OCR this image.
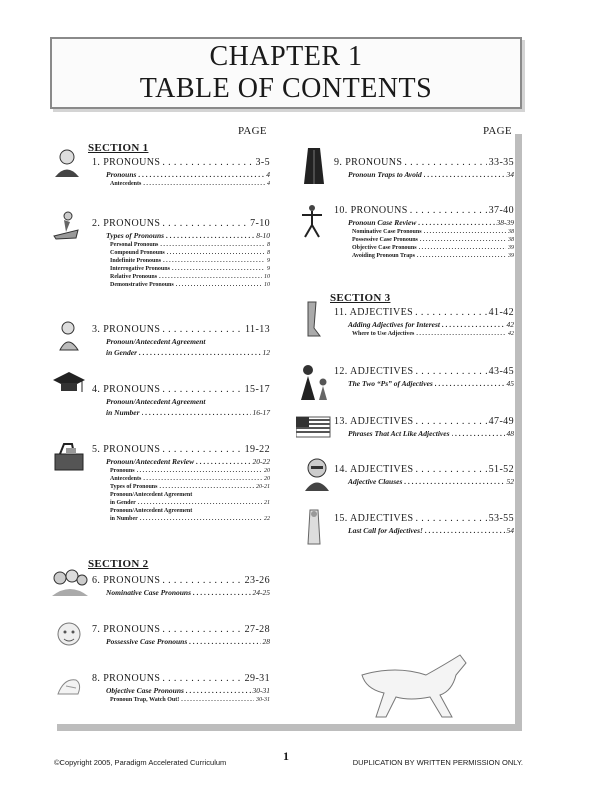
CHAPTER 1
TABLE OF CONTENTS
PAGE	PAGE
SECTION 1
SECTION 2
SECTION 3
1. PRONOUNS . . .	3-5
Pronouns . . .	4
Antecedents . . .	4
2. PRONOUNS . . .	7-10
Types of Pronouns . . .	8-10
Personal Pronouns . . .	8
Compound Pronouns . . .	8
Indefinite Pronouns . . .	9
Interrogative Pronouns . . .	9
Relative Pronouns . . .	10
Demonstrative Pronouns . . .	10
3. PRONOUNS . . .	11-13
Pronoun/Antecedent Agreement
in Gender . . .	12
4. PRONOUNS . . .	15-17
Pronoun/Antecedent Agreement
in Number . . .	16-17
5. PRONOUNS . . .	19-22
Pronoun/Antecedent Review . . .	20-22
Pronouns . . .	20
Antecedents . . .	20
Types of Pronouns . . .	20-21
Pronoun/Antecedent Agreement
in Gender . . .	21
Pronoun/Antecedent Agreement
in Number . . .	22
6. PRONOUNS . . .	23-26
Nominative Case Pronouns . . .	24-25
7. PRONOUNS . . .	27-28
Possessive Case Pronouns . . .	28
8. PRONOUNS . . .	29-31
Objective Case Pronouns . . .	30-31
Pronoun Trap, Watch Out! . . .	30-31
9. PRONOUNS . . .	33-35
Pronoun Traps to Avoid . . .	34
10. PRONOUNS . . .	37-40
Pronoun Case Review . . .	38-39
Nominative Case Pronouns . . .	38
Possessive Case Pronouns . . .	38
Objective Case Pronouns . . .	39
Avoiding Pronoun Traps . . .	39
11. ADJECTIVES . . .	41-42
Adding Adjectives for Interest . . .	42
Where to Use Adjectives . . .	42
12. ADJECTIVES . . .	43-45
The Two “Ps” of Adjectives . . .	45
13. ADJECTIVES . . .	47-49
Phrases That Act Like Adjectives . . .	48
14. ADJECTIVES . . .	51-52
Adjective Clauses . . .	52
15. ADJECTIVES . . .	53-55
Last Call for Adjectives! . . .	54
1
©Copyright 2005, Paradigm Accelerated Curriculum	DUPLICATION BY WRITTEN PERMISSION ONLY.
